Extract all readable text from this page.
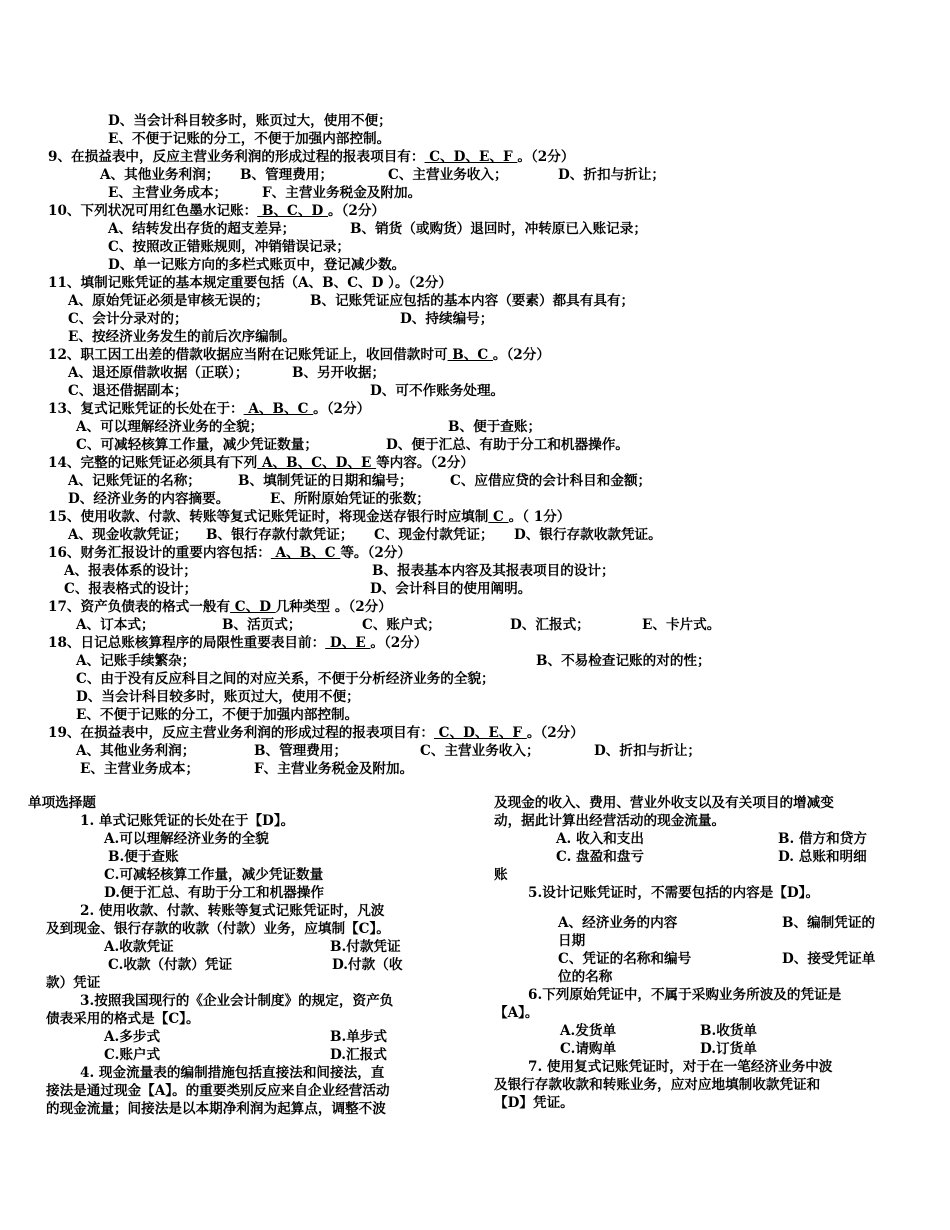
D、当会计科目较多时，账页过大，使用不便；
E、不便于记账的分工，不便于加强内部控制。
9、在损益表中，反应主营业务利润的形成过程的报表项目有： C、D、E、F 。（2分）
A、其他业务利润； B、管理费用；	C、主营业务收入；	D、折扣与折让；
E、主营业务成本；	F、主营业务税金及附加。
10、下列状况可用红色墨水记账： B、C、D 。（2分）
A、结转发出存货的超支差异；	B、销货（或购货）退回时，冲转原已入账记录；
C、按照改正错账规则，冲销错误记录；
D、单一记账方向的多栏式账页中，登记减少数。
11、填制记账凭证的基本规定重要包括（A、B、C、D ）。（2分）
A、原始凭证必须是审核无误的；	B、记账凭证应包括的基本内容（要素）都具有具有；
C、会计分录对的；	D、持续编号；
E、按经济业务发生的前后次序编制。
12、职工因工出差的借款收据应当附在记账凭证上，收回借款时可 B、C 。（2分）
A、退还原借款收据（正联）；	B、另开收据；
C、退还借据副本；	D、可不作账务处理。
13、复式记账凭证的长处在于： A、B、C 。（2分）
A、可以理解经济业务的全貌；	B、便于查账；
C、可减轻核算工作量，减少凭证数量；	D、便于汇总、有助于分工和机器操作。
14、完整的记账凭证必须具有下列 A、B、C、D、E 等内容。（2分）
A、记账凭证的名称；	B、填制凭证的日期和编号；	C、应借应贷的会计科目和金额；
D、经济业务的内容摘要。	E、所附原始凭证的张数；
15、使用收款、付款、转账等复式记账凭证时，将现金送存银行时应填制 C 。（ 1分）
A、现金收款凭证； B、银行存款付款凭证； C、现金付款凭证； D、银行存款收款凭证。
16、财务汇报设计的重要内容包括： A、B、C 等。（2分）
A、报表体系的设计；	B、报表基本内容及其报表项目的设计；
C、报表格式的设计；	D、会计科目的使用阐明。
17、资产负债表的格式一般有 C、D 几种类型 。（2分）
A、订本式；	B、活页式；	C、账户式；	D、汇报式；	E、卡片式。
18、日记总账核算程序的局限性重要表目前： D、E 。（2分）
A、记账手续繁杂；	B、不易检查记账的对的性；
C、由于没有反应科目之间的对应关系，不便于分析经济业务的全貌；
D、当会计科目较多时，账页过大，使用不便；
E、不便于记账的分工，不便于加强内部控制。
19、在损益表中，反应主营业务利润的形成过程的报表项目有： C、D、E、F 。（2分）
A、其他业务利润；	B、管理费用；	C、主营业务收入；	D、折扣与折让；
E、主营业务成本；	F、主营业务税金及附加。
单项选择题
1. 单式记账凭证的长处在于【D】。
A.可以理解经济业务的全貌
B.便于查账
C.可减轻核算工作量，减少凭证数量
D.便于汇总、有助于分工和机器操作
2. 使用收款、付款、转账等复式记账凭证时，凡波
及到现金、银行存款的收款（付款）业务，应填制【C】。
A.收款凭证	B.付款凭证
C.收款（付款）凭证	D.付款（收
款）凭证
3.按照我国现行的《企业会计制度》的规定，资产负
债表采用的格式是【C】。
A.多步式	B.单步式
C.账户式	D.汇报式
4. 现金流量表的编制措施包括直接法和间接法，直
接法是通过现金【A】。的重要类别反应来自企业经营活动
的现金流量；间接法是以本期净利润为起算点，调整不波
及现金的收入、费用、营业外收支以及有关项目的增减变
动，据此计算出经营活动的现金流量。
A. 收入和支出	B. 借方和贷方
C. 盘盈和盘亏	D. 总账和明细
账
5.设计记账凭证时，不需要包括的内容是【D】。
A、经济业务的内容	B、编制凭证的
日期
C、凭证的名称和编号	D、接受凭证单
位的名称
6.下列原始凭证中，不属于采购业务所波及的凭证是
【A】。
A.发货单	B.收货单
C.请购单	D.订货单
7. 使用复式记账凭证时，对于在一笔经济业务中波
及银行存款收款和转账业务，应对应地填制收款凭证和
【D】凭证。
